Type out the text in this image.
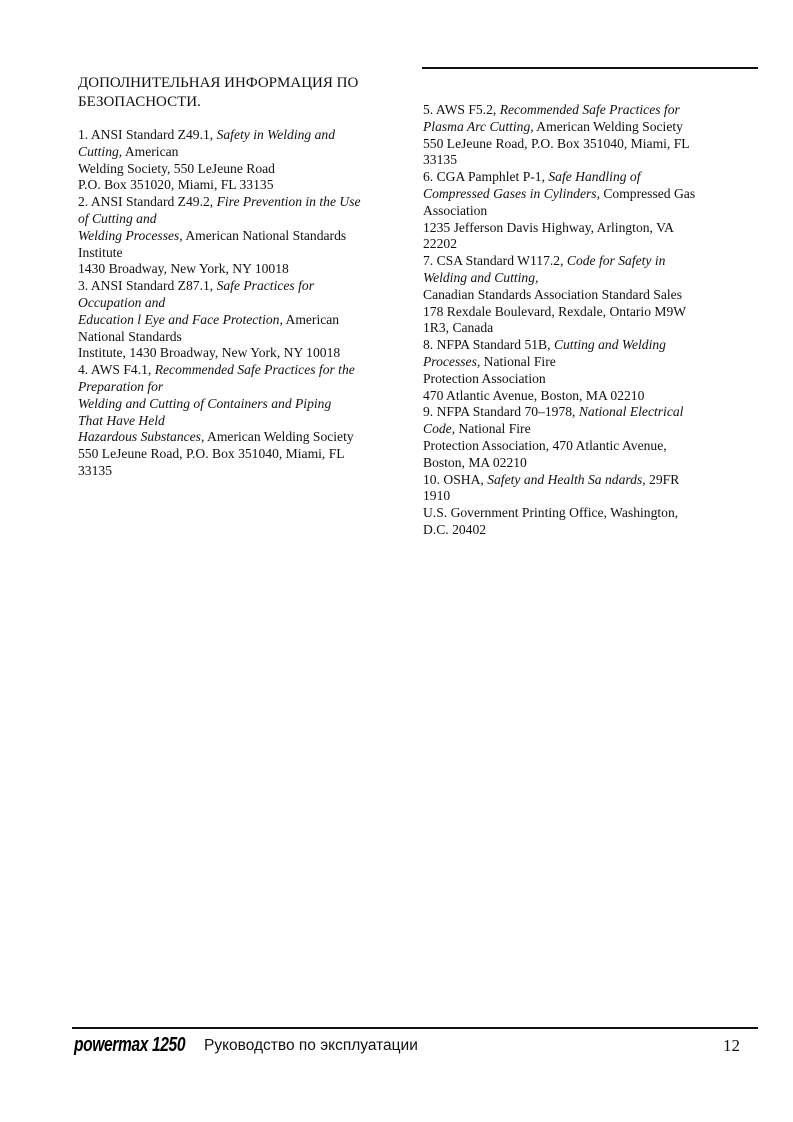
ДОПОЛНИТЕЛЬНАЯ ИНФОРМАЦИЯ ПО БЕЗОПАСНОСТИ.
1. ANSI Standard Z49.1, Safety in Welding and
Cutting, American
Welding Society, 550 LeJeune Road
P.O. Box 351020, Miami, FL 33135
2. ANSI Standard Z49.2, Fire Prevention in the Use
of Cutting and
Welding Processes, American National Standards
Institute
1430 Broadway, New York, NY 10018
3. ANSI Standard Z87.1, Safe Practices for
Occupation and
Education l Eye and Face Protection, American
National Standards
Institute, 1430 Broadway, New York, NY 10018
4. AWS F4.1, Recommended Safe Practices for the
Preparation for
Welding and Cutting of Containers and Piping
That Have Held
Hazardous Substances, American Welding Society
550 LeJeune Road, P.O. Box 351040, Miami, FL
33135
5. AWS F5.2, Recommended Safe Practices for
Plasma Arc Cutting, American Welding Society
550 LeJeune Road, P.O. Box 351040, Miami, FL
33135
6. CGA Pamphlet P-1, Safe Handling of
Compressed Gases in Cylinders, Compressed Gas
Association
1235 Jefferson Davis Highway, Arlington, VA
22202
7. CSA Standard W117.2, Code for Safety in
Welding and Cutting,
Canadian Standards Association Standard Sales
178 Rexdale Boulevard, Rexdale, Ontario M9W
1R3, Canada
8. NFPA Standard 51B, Cutting and Welding
Processes, National Fire
Protection Association
470 Atlantic Avenue, Boston, MA 02210
9. NFPA Standard 70–1978, National Electrical
Code, National Fire
Protection Association, 470 Atlantic Avenue,
Boston, MA 02210
10. OSHA, Safety and Health Sa ndards, 29FR
1910
U.S. Government Printing Office, Washington,
D.C. 20402
powermax 1250 Руководство по эксплуатации	12
